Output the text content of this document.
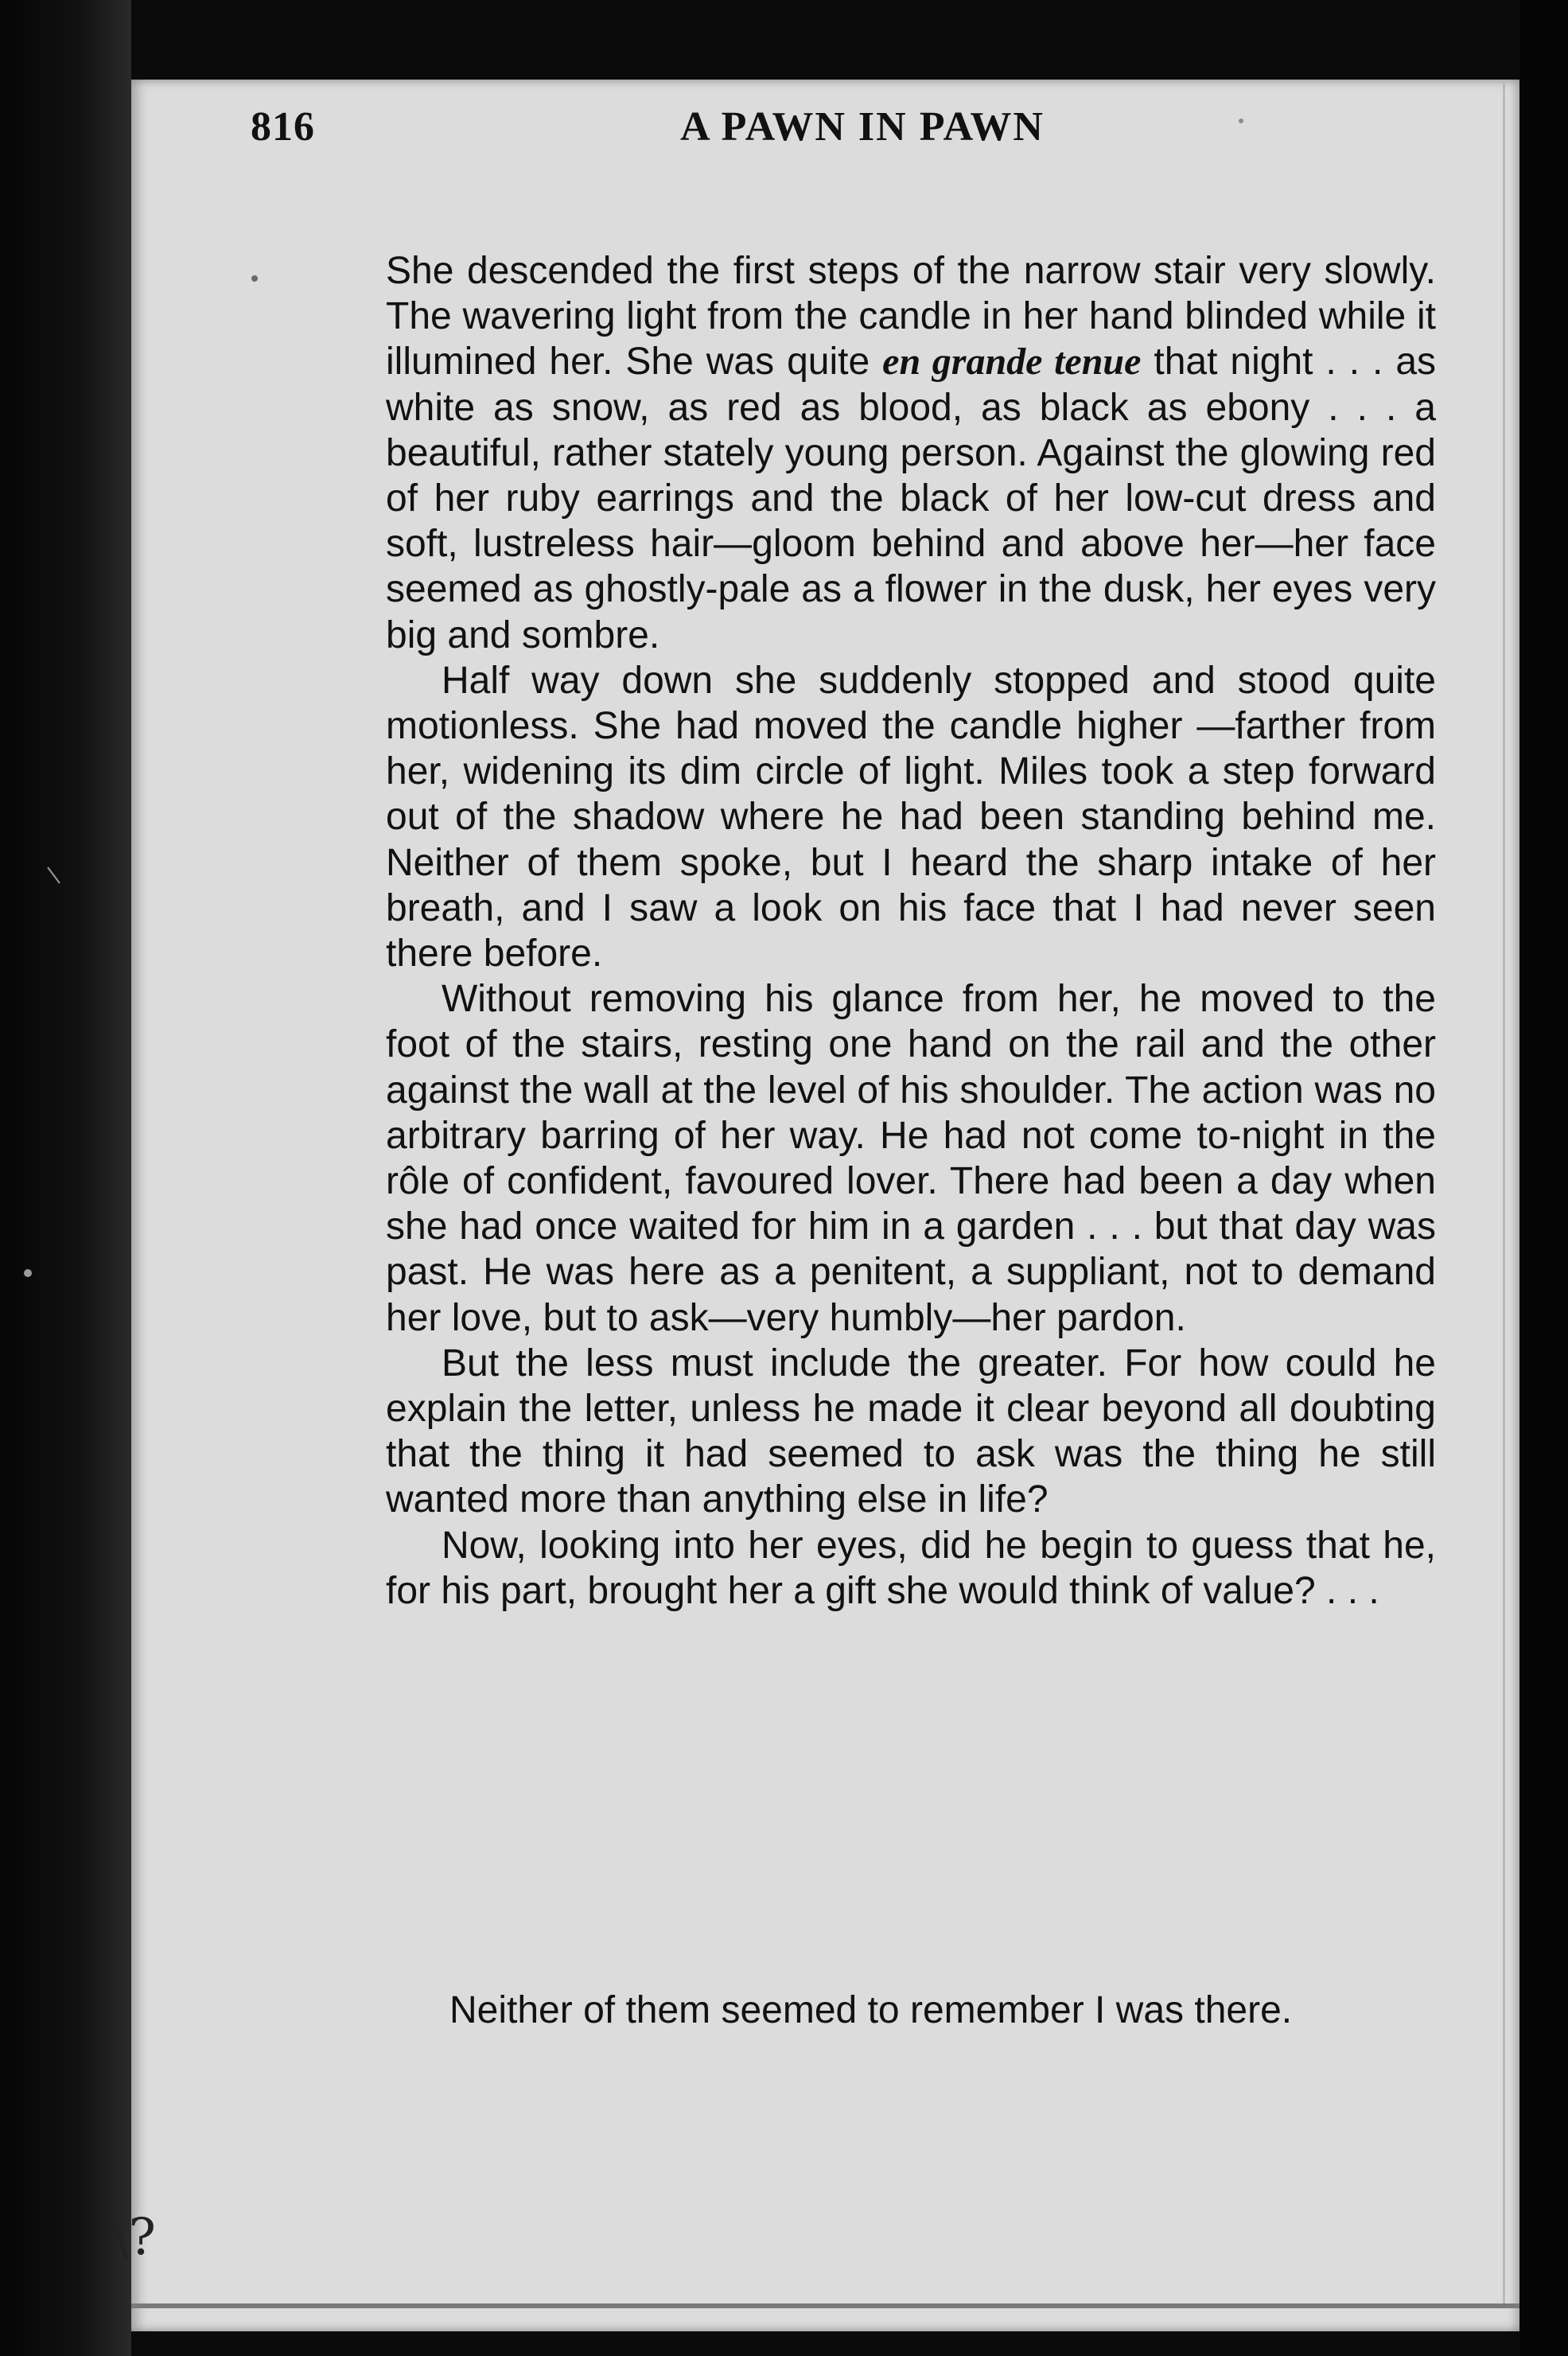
816	A PAWN IN PAWN

She descended the first steps of the narrow stair very slowly. The wavering light from the candle in her hand blinded while it illumined her. She was quite en grande tenue that night . . . as white as snow, as red as blood, as black as ebony . . . a beautiful, rather stately young person. Against the glowing red of her ruby earrings and the black of her low-cut dress and soft, lustreless hair—gloom behind and above her—her face seemed as ghostly-pale as a flower in the dusk, her eyes very big and sombre.

Half way down she suddenly stopped and stood quite motionless. She had moved the candle higher —farther from her, widening its dim circle of light. Miles took a step forward out of the shadow where he had been standing behind me. Neither of them spoke, but I heard the sharp intake of her breath, and I saw a look on his face that I had never seen there before.

Without removing his glance from her, he moved to the foot of the stairs, resting one hand on the rail and the other against the wall at the level of his shoulder. The action was no arbitrary barring of her way. He had not come to-night in the rôle of confident, favoured lover. There had been a day when she had once waited for him in a garden . . . but that day was past. He was here as a penitent, a suppliant, not to demand her love, but to ask—very humbly—her pardon.

But the less must include the greater. For how could he explain the letter, unless he made it clear beyond all doubting that the thing it had seemed to ask was the thing he still wanted more than anything else in life?

Now, looking into her eyes, did he begin to guess that he, for his part, brought her a gift she would think of value? . . .

Neither of them seemed to remember I was there.
\?
